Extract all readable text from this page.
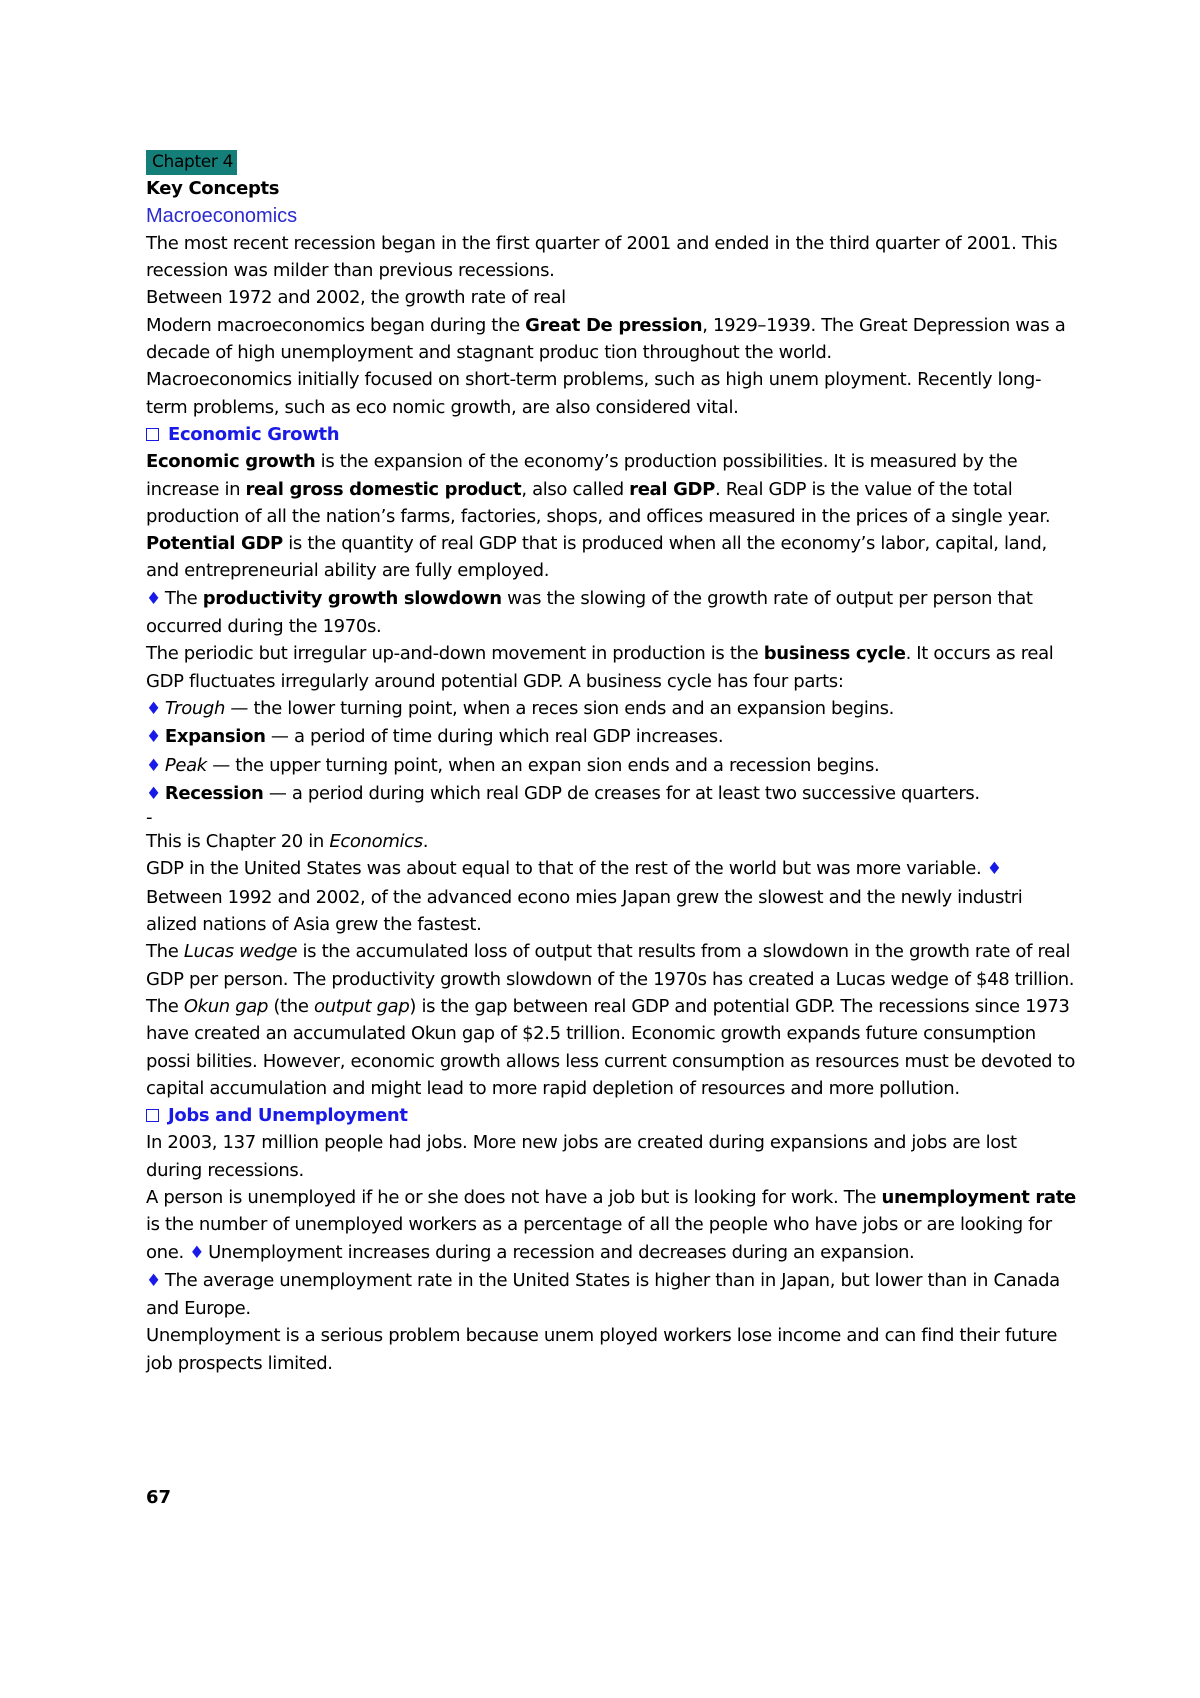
Chapter 4

Key Concepts

Macroeconomics

The most recent recession began in the first quarter of 2001 and ended in the third quarter of 2001. This recession was milder than previous recessions.

Between 1972 and 2002, the growth rate of real

Modern macroeconomics began during the Great De pression, 1929–1939. The Great Depression was a decade of high unemployment and stagnant produc tion throughout the world.

Macroeconomics initially focused on short-term problems, such as high unem ployment. Recently long-term problems, such as eco nomic growth, are also considered vital.

Economic Growth

Economic growth is the expansion of the economy’s production possibilities. It is measured by the increase in real gross domestic product, also called real GDP. Real GDP is the value of the total production of all the nation’s farms, factories, shops, and offices measured in the prices of a single year.

Potential GDP is the quantity of real GDP that is produced when all the economy’s labor, capital, land, and entrepreneurial ability are fully employed.

♦ The productivity growth slowdown was the slowing of the growth rate of output per person that occurred during the 1970s.

The periodic but irregular up-and-down movement in production is the business cycle. It occurs as real GDP fluctuates irregularly around potential GDP. A business cycle has four parts:

♦ Trough — the lower turning point, when a reces sion ends and an expansion begins.

♦ Expansion — a period of time during which real GDP increases.

♦ Peak — the upper turning point, when an expan sion ends and a recession begins.

♦ Recession — a period during which real GDP de creases for at least two successive quarters.

-

This is Chapter 20 in Economics.

GDP in the United States was about equal to that of the rest of the world but was more variable. ♦
Between 1992 and 2002, of the advanced econo mies Japan grew the slowest and the newly industri alized nations of Asia grew the fastest.

The Lucas wedge is the accumulated loss of output that results from a slowdown in the growth rate of real GDP per person. The productivity growth slowdown of the 1970s has created a Lucas wedge of $48 trillion. The Okun gap (the output gap) is the gap between real GDP and potential GDP. The recessions since 1973 have created an accumulated Okun gap of $2.5 trillion. Economic growth expands future consumption possi bilities. However, economic growth allows less current consumption as resources must be devoted to capital accumulation and might lead to more rapid depletion of resources and more pollution.

Jobs and Unemployment

In 2003, 137 million people had jobs. More new jobs are created during expansions and jobs are lost during recessions.

A person is unemployed if he or she does not have a job but is looking for work. The unemployment rate is the number of unemployed workers as a percentage of all the people who have jobs or are looking for one. ♦ Unemployment increases during a recession and decreases during an expansion.

♦ The average unemployment rate in the United States is higher than in Japan, but lower than in Canada and Europe.

Unemployment is a serious problem because unem ployed workers lose income and can find their future job prospects limited.

67
